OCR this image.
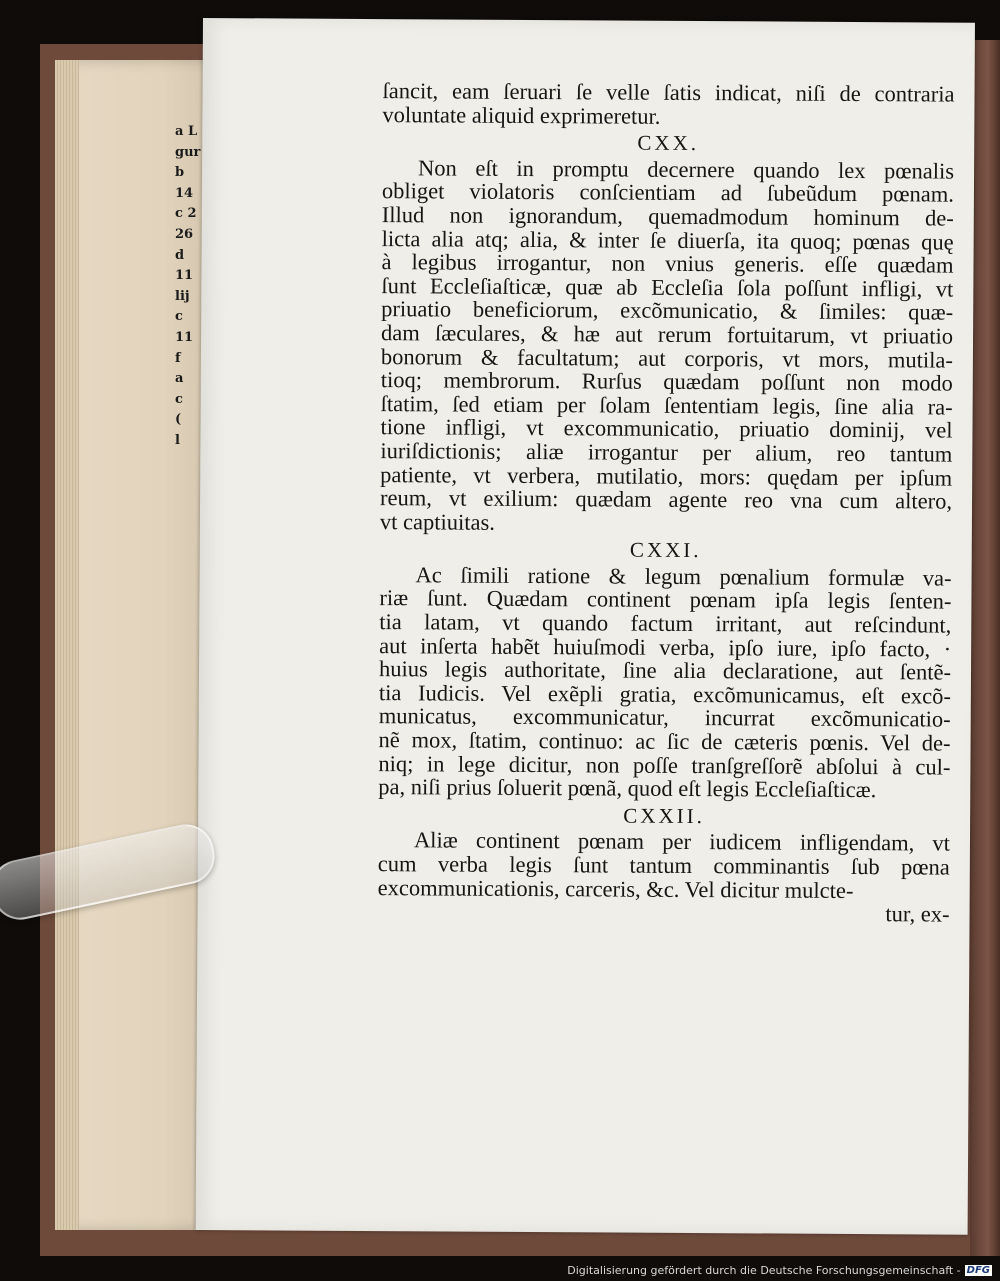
a L
gur
b
14
c 2
26
d
11
lij
c
11
f
a
c
(
l
ſancit, eam ſeruari ſe velle ſatis indicat, niſi de contraria
voluntate aliquid exprimeretur.
CXX.
Non eſt in promptu decernere quando lex pœnalis
obliget violatoris conſcientiam ad ſubeũdum pœnam.
Illud non ignorandum, quemadmodum hominum de-
licta alia atq; alia, & inter ſe diuerſa, ita quoq; pœnas quę
à legibus irrogantur, non vnius generis. eſſe quædam
ſunt Eccleſiaſticæ, quæ ab Eccleſia ſola poſſunt infligi, vt
priuatio beneficiorum, excõmunicatio, & ſimiles: quæ-
dam ſæculares, & hæ aut rerum fortuitarum, vt priuatio
bonorum & facultatum; aut corporis, vt mors, mutila-
tioq; membrorum. Rurſus quædam poſſunt non modo
ſtatim, ſed etiam per ſolam ſententiam legis, ſine alia ra-
tione infligi, vt excommunicatio, priuatio dominij, vel
iuriſdictionis; aliæ irrogantur per alium, reo tantum
patiente, vt verbera, mutilatio, mors: quędam per ipſum
reum, vt exilium: quædam agente reo vna cum altero,
vt captiuitas.
CXXI.
Ac ſimili ratione & legum pœnalium formulæ va-
riæ ſunt. Quædam continent pœnam ipſa legis ſenten-
tia latam, vt quando factum irritant, aut reſcindunt,
aut inſerta habẽt huiuſmodi verba, ipſo iure, ipſo facto, ·
huius legis authoritate, ſine alia declaratione, aut ſentẽ-
tia Iudicis. Vel exẽpli gratia, excõmunicamus, eſt excõ-
municatus, excommunicatur, incurrat excõmunicatio-
nẽ mox, ſtatim, continuo: ac ſic de cæteris pœnis. Vel de-
niq; in lege dicitur, non poſſe tranſgreſſorẽ abſolui à cul-
pa, niſi prius ſoluerit pœnã, quod eſt legis Eccleſiaſticæ.
CXXII.
Aliæ continent pœnam per iudicem infligendam, vt
cum verba legis ſunt tantum comminantis ſub pœna
excommunicationis, carceris, &c. Vel dicitur mulcte-
tur, ex-
Digitalisierung gefördert durch die Deutsche Forschungsgemeinschaft - DFG
